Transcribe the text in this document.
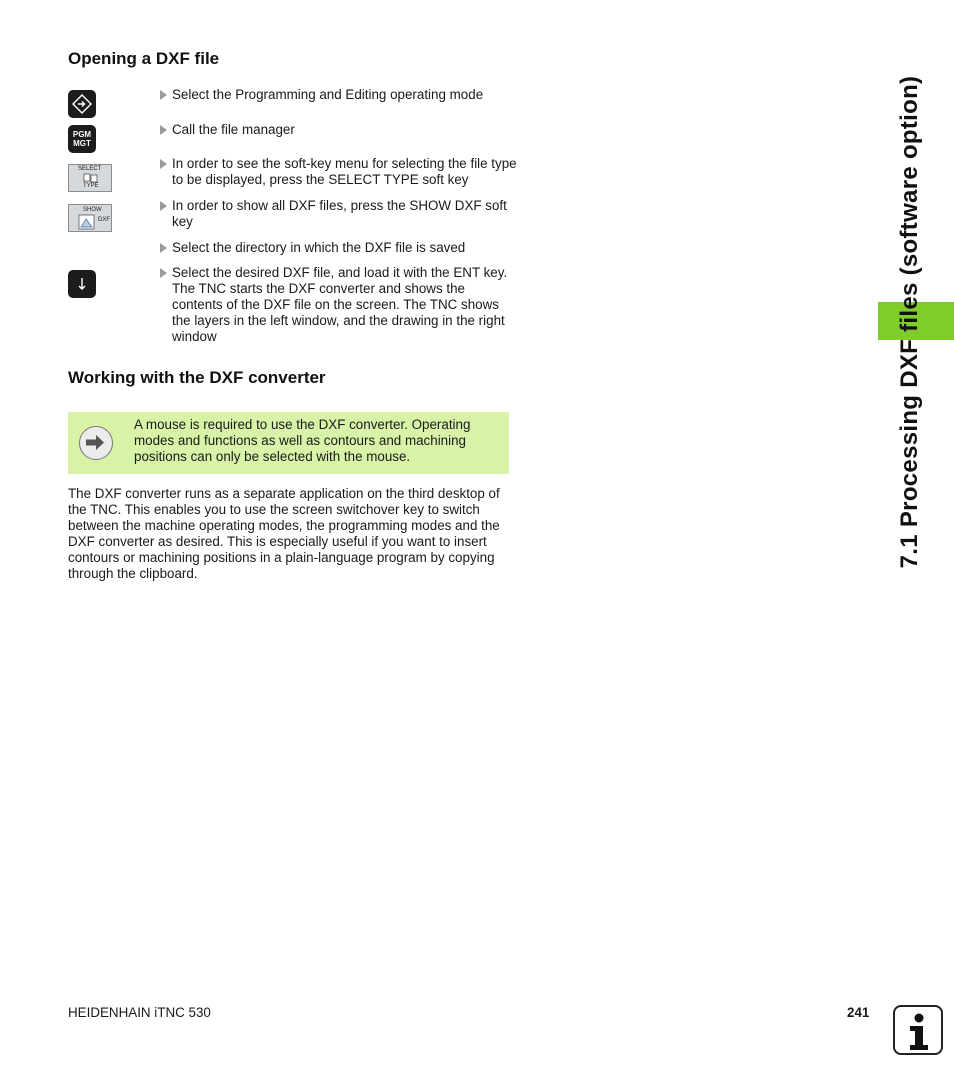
Opening a DXF file
PGM
MGT
SELECT
TYPE
SHOW
DXF
Select the Programming and Editing operating mode
Call the file manager
In order to see the soft-key menu for selecting the file type to be displayed, press the SELECT TYPE soft key
In order to show all DXF files, press the SHOW DXF soft key
Select the directory in which the DXF file is saved
Select the desired DXF file, and load it with the ENT key. The TNC starts the DXF converter and shows the contents of the DXF file on the screen. The TNC shows the layers in the left window, and the drawing in the right window
Working with the DXF converter
A mouse is required to use the DXF converter. Operating modes and functions as well as contours and machining positions can only be selected with the mouse.
The DXF converter runs as a separate application on the third desktop of the TNC. This enables you to use the screen switchover key to switch between the machine operating modes, the programming modes and the DXF converter as desired. This is especially useful if you want to insert contours or machining positions in a plain-language program by copying through the clipboard.
7.1 Processing DXF files (software option)
HEIDENHAIN iTNC 530	241
